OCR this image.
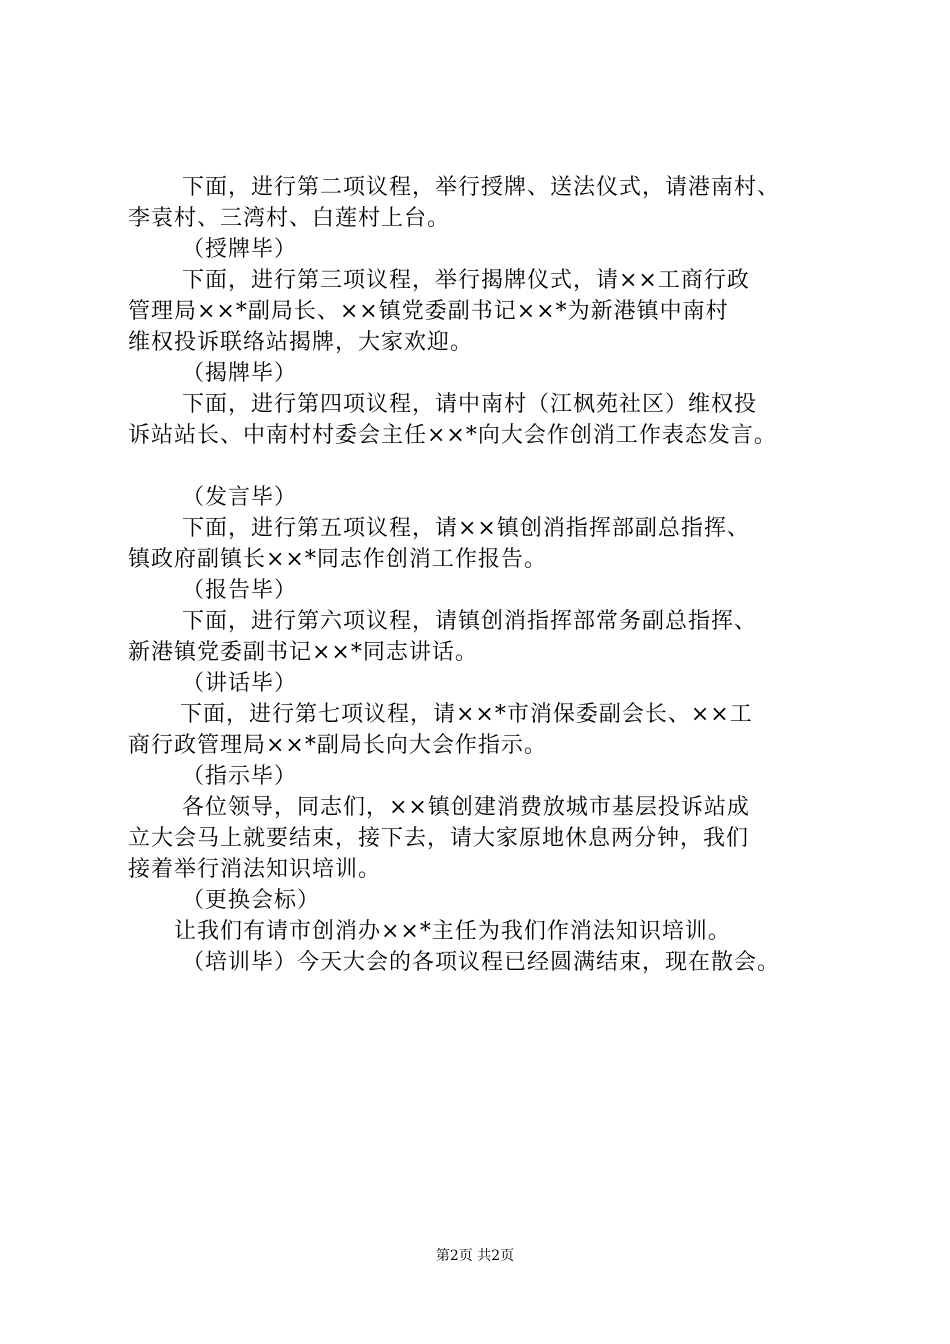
下面，进行第二项议程，举行授牌、送法仪式，请港南村、
李袁村、三湾村、白莲村上台。
（授牌毕）
下面，进行第三项议程，举行揭牌仪式，请××工商行政
管理局××*副局长、××镇党委副书记××*为新港镇中南村
维权投诉联络站揭牌，大家欢迎。
（揭牌毕）
下面，进行第四项议程，请中南村（江枫苑社区）维权投
诉站站长、中南村村委会主任××*向大会作创消工作表态发言。
（发言毕）
下面，进行第五项议程，请××镇创消指挥部副总指挥、
镇政府副镇长××*同志作创消工作报告。
（报告毕）
下面，进行第六项议程，请镇创消指挥部常务副总指挥、
新港镇党委副书记××*同志讲话。
（讲话毕）
下面，进行第七项议程，请××*市消保委副会长、××工
商行政管理局××*副局长向大会作指示。
（指示毕）
各位领导，同志们，××镇创建消费放城市基层投诉站成
立大会马上就要结束，接下去，请大家原地休息两分钟，我们
接着举行消法知识培训。
（更换会标）
让我们有请市创消办××*主任为我们作消法知识培训。
（培训毕）今天大会的各项议程已经圆满结束，现在散会。
第2页 共2页
